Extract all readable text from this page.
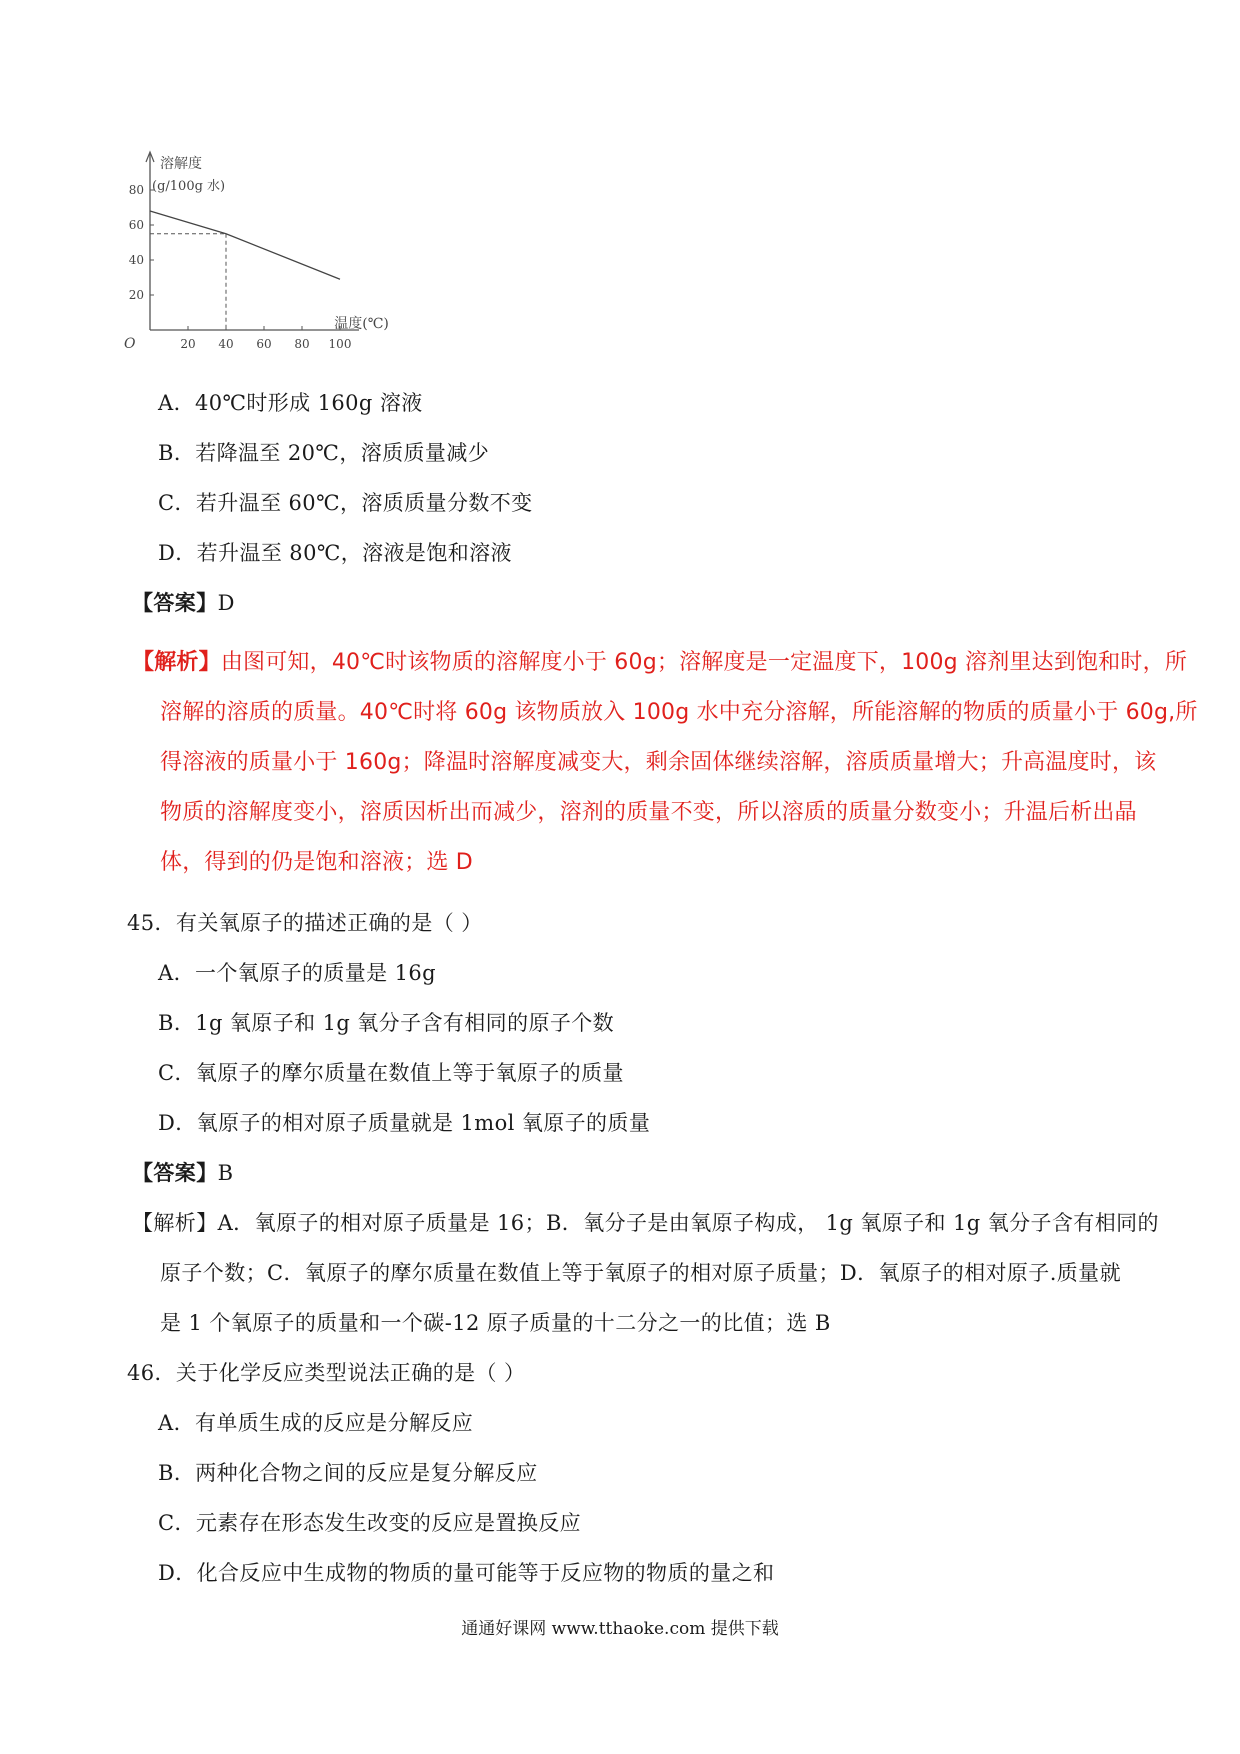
溶解度
(g/100g 水)
温度(℃)
O	20 40 60 80 100
20
40
60
80
A．40℃时形成 160g 溶液
B．若降温至 20℃，溶质质量减少
C．若升温至 60℃，溶质质量分数不变
D．若升温至 80℃，溶液是饱和溶液
【答案】D
【解析】由图可知，40℃时该物质的溶解度小于 60g；溶解度是一定温度下，100g 溶剂里达到饱和时，所
溶解的溶质的质量。40℃时将 60g 该物质放入 100g 水中充分溶解，所能溶解的物质的质量小于 60g,所
得溶液的质量小于 160g；降温时溶解度减变大，剩余固体继续溶解，溶质质量增大；升高温度时，该
物质的溶解度变小，溶质因析出而减少，溶剂的质量不变，所以溶质的质量分数变小；升温后析出晶
体，得到的仍是饱和溶液；选 D
45．有关氧原子的描述正确的是（ ）
A．一个氧原子的质量是 16g
B．1g 氧原子和 1g 氧分子含有相同的原子个数
C．氧原子的摩尔质量在数值上等于氧原子的质量
D．氧原子的相对原子质量就是 1mol 氧原子的质量
【答案】B
【解析】A．氧原子的相对原子质量是 16；B．氧分子是由氧原子构成， 1g 氧原子和 1g 氧分子含有相同的
原子个数；C．氧原子的摩尔质量在数值上等于氧原子的相对原子质量；D．氧原子的相对原子.质量就
是 1 个氧原子的质量和一个碳-12 原子质量的十二分之一的比值；选 B
46．关于化学反应类型说法正确的是（ ）
A．有单质生成的反应是分解反应
B．两种化合物之间的反应是复分解反应
C．元素存在形态发生改变的反应是置换反应
D．化合反应中生成物的物质的量可能等于反应物的物质的量之和
通通好课网 www.tthaoke.com 提供下载
